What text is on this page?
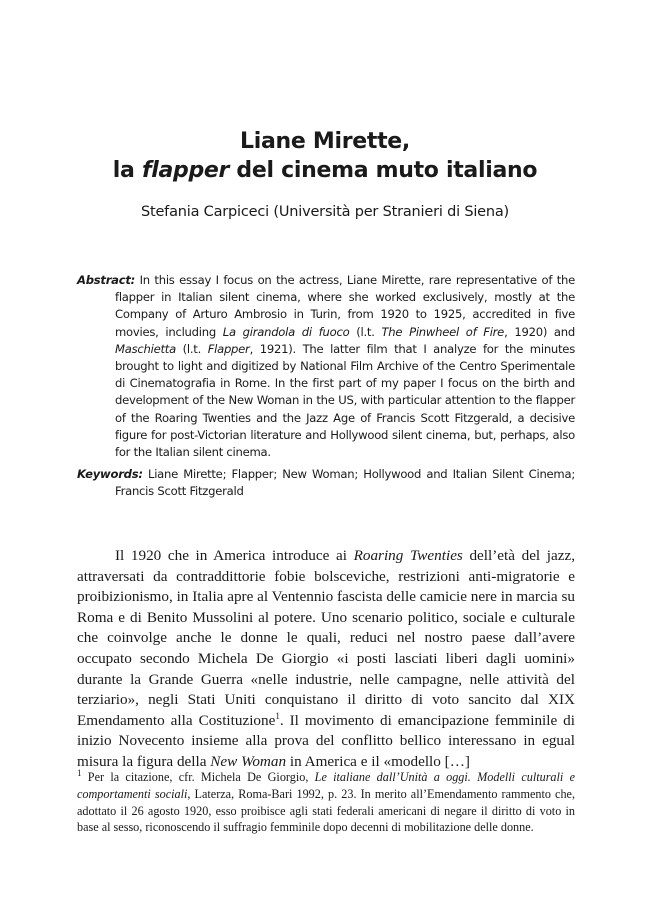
Liane Mirette,
la flapper del cinema muto italiano
Stefania Carpiceci (Università per Stranieri di Siena)
Abstract: In this essay I focus on the actress, Liane Mirette, rare representative of the flapper in Italian silent cinema, where she worked exclusively, mostly at the Company of Arturo Ambrosio in Turin, from 1920 to 1925, accredited in five movies, including La girandola di fuoco (l.t. The Pinwheel of Fire, 1920) and Maschietta (l.t. Flapper, 1921). The latter film that I analyze for the minutes brought to light and digitized by National Film Archive of the Centro Sperimentale di Cinematografia in Rome. In the first part of my paper I focus on the birth and development of the New Woman in the US, with particular attention to the flapper of the Roaring Twenties and the Jazz Age of Francis Scott Fitzgerald, a decisive figure for post-Victorian literature and Hollywood silent cinema, but, perhaps, also for the Italian silent cinema.
Keywords: Liane Mirette; Flapper; New Woman; Hollywood and Italian Silent Cinema; Francis Scott Fitzgerald

Il 1920 che in America introduce ai Roaring Twenties dell’età del jazz, attraversati da contraddittorie fobie bolsceviche, restrizioni anti-migratorie e proibizionismo, in Italia apre al Ventennio fascista delle camicie nere in marcia su Roma e di Benito Mussolini al potere. Uno scenario politico, sociale e culturale che coinvolge anche le donne le quali, reduci nel nostro paese dall’avere occupato secondo Michela De Giorgio «i posti lasciati liberi dagli uomini» durante la Grande Guerra «nelle industrie, nelle campagne, nelle attività del terziario», negli Stati Uniti conquistano il diritto di voto sancito dal XIX Emendamento alla Costituzione$^1$. Il movimento di emancipazione femminile di inizio Novecento insieme alla prova del conflitto bellico interessano in egual misura la figura della New Woman in America e il «modello […]

$^1$ Per la citazione, cfr. Michela De Giorgio, Le italiane dall’Unità a oggi. Modelli culturali e comportamenti sociali, Laterza, Roma-Bari 1992, p. 23. In merito all’Emendamento rammento che, adottato il 26 agosto 1920, esso proibisce agli stati federali americani di negare il diritto di voto in base al sesso, riconoscendo il suffragio femminile dopo decenni di mobilitazione delle donne.
